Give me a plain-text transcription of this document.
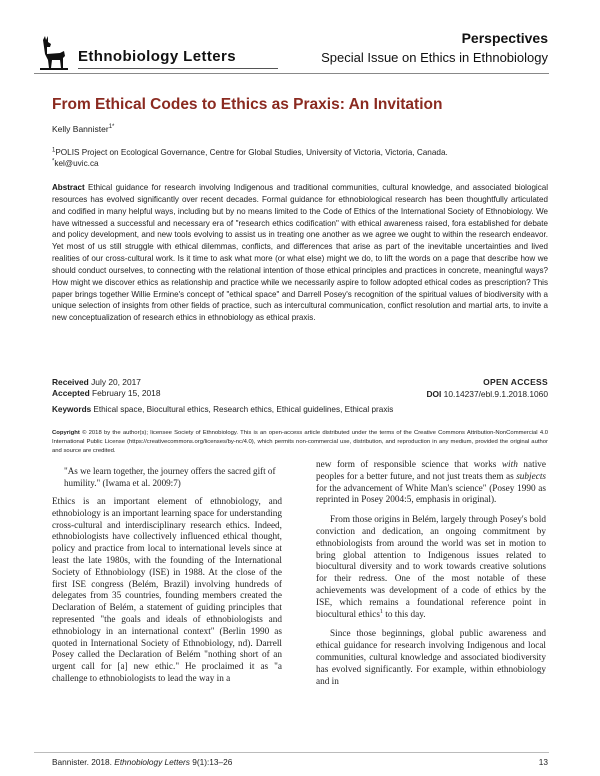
Ethnobiology Letters
Perspectives
Special Issue on Ethics in Ethnobiology
From Ethical Codes to Ethics as Praxis: An Invitation
Kelly Bannister$^{1*}$
$^1$POLIS Project on Ecological Governance, Centre for Global Studies, University of Victoria, Victoria, Canada.
*kel@uvic.ca
Abstract Ethical guidance for research involving Indigenous and traditional communities, cultural knowledge, and associated biological resources has evolved significantly over recent decades. Formal guidance for ethnobiological research has been thoughtfully articulated and codified in many helpful ways, including but by no means limited to the Code of Ethics of the International Society of Ethnobiology. We have witnessed a successful and necessary era of "research ethics codification" with ethical awareness raised, fora established for debate and policy development, and new tools evolving to assist us in treating one another as we agree we ought to within the research endeavor. Yet most of us still struggle with ethical dilemmas, conflicts, and differences that arise as part of the inevitable uncertainties and lived realities of our cross-cultural work. Is it time to ask what more (or what else) might we do, to lift the words on a page that describe how we should conduct ourselves, to connecting with the relational intention of those ethical principles and practices in concrete, meaningful ways? How might we discover ethics as relationship and practice while we necessarily aspire to follow adopted ethical codes as prescription? This paper brings together Willie Ermine's concept of "ethical space" and Darrell Posey's recognition of the spiritual values of biodiversity with a unique selection of insights from other fields of practice, such as intercultural communication, conflict resolution and martial arts, to invite a new conceptualization of research ethics in ethnobiology as ethical praxis.
Received July 20, 2017
Accepted February 15, 2018
OPEN ACCESS
DOI 10.14237/ebl.9.1.2018.1060
Keywords Ethical space, Biocultural ethics, Research ethics, Ethical guidelines, Ethical praxis
Copyright © 2018 by the author(s); licensee Society of Ethnobiology. This is an open-access article distributed under the terms of the Creative Commons Attribution-NonCommercial 4.0 International Public License (https://creativecommons.org/licenses/by-nc/4.0), which permits non-commercial use, distribution, and reproduction in any medium, provided the original author and source are credited.

"As we learn together, the journey offers the sacred gift of humility." (Iwama et al. 2009:7)

Ethics is an important element of ethnobiology, and ethnobiology is an important learning space for understanding cross-cultural and interdisciplinary research ethics. Indeed, ethnobiologists have collectively influenced ethical thought, policy and practice from local to international levels since at least the late 1980s, with the founding of the International Society of Ethnobiology (ISE) in 1988. At the close of the first ISE congress (Belém, Brazil) involving hundreds of delegates from 35 countries, founding members created the Declaration of Belém, a statement of guiding principles that represented "the goals and ideals of ethnobiologists and ethnobiology in an international context" (Berlin 1990 as quoted in International Society of Ethnobiology, nd). Darrell Posey called the Declaration of Belém "nothing short of an urgent call for [a] new ethic." He proclaimed it as "a challenge to ethnobiologists to lead the way in a

new form of responsible science that works with native peoples for a better future, and not just treats them as subjects for the advancement of White Man's science" (Posey 1990 as reprinted in Posey 2004:5, emphasis in original).

From those origins in Belém, largely through Posey's bold conviction and dedication, an ongoing commitment by ethnobiologists from around the world was set in motion to bring global attention to Indigenous issues related to biocultural diversity and to work towards creative solutions for their redress. One of the most notable of these achievements was development of a code of ethics by the ISE, which remains a foundational reference point in biocultural ethics$^1$ to this day.

Since those beginnings, global public awareness and ethical guidance for research involving Indigenous and local communities, cultural knowledge and associated biodiversity has evolved significantly. For example, within ethnobiology and in

Bannister. 2018. Ethnobiology Letters 9(1):13–26	13
